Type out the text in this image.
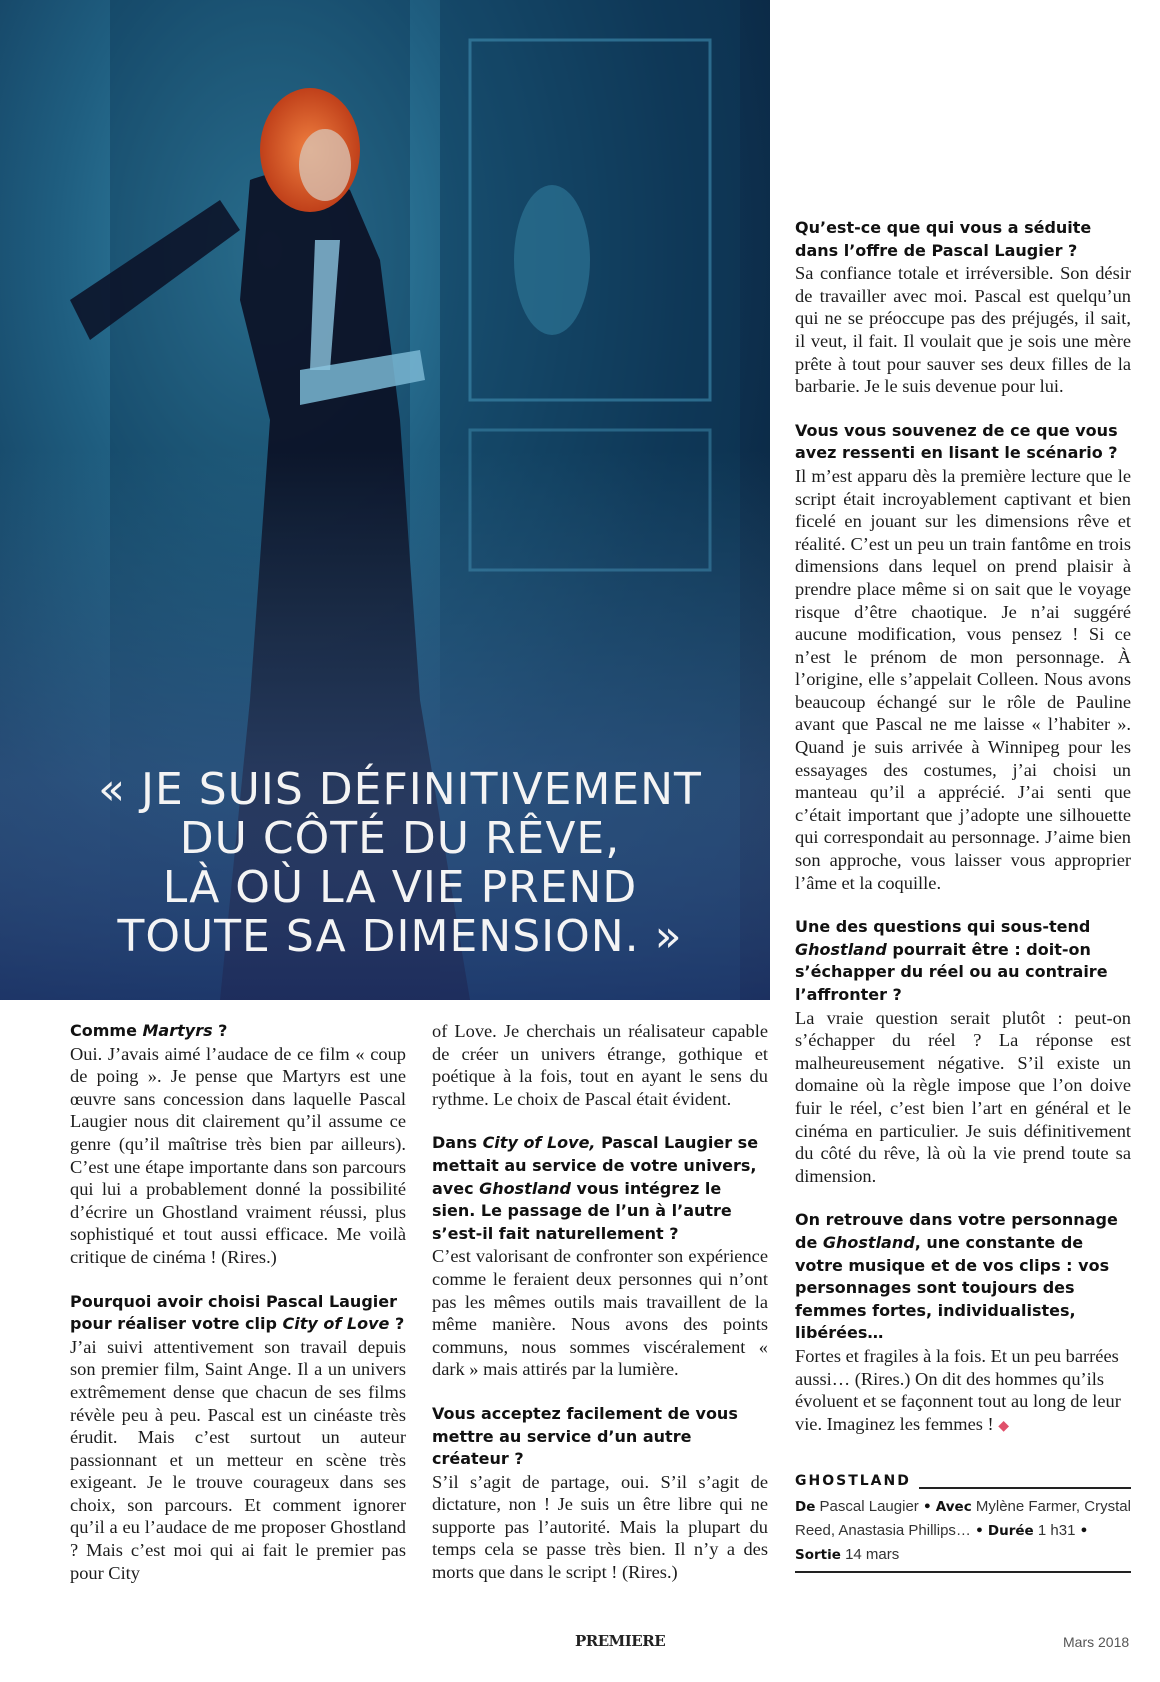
« JE SUIS DÉFINITIVEMENT
DU CÔTÉ DU RÊVE,
LÀ OÙ LA VIE PREND
TOUTE SA DIMENSION. »

Comme Martyrs ?

Oui. J’avais aimé l’audace de ce film « coup de poing ». Je pense que Martyrs est une œuvre sans concession dans laquelle Pascal Laugier nous dit clairement qu’il assume ce genre (qu’il maîtrise très bien par ailleurs). C’est une étape importante dans son parcours qui lui a probablement donné la possibilité d’écrire un Ghostland vraiment réussi, plus sophistiqué et tout aussi efficace. Me voilà critique de cinéma ! (Rires.)

Pourquoi avoir choisi Pascal Laugier pour réaliser votre clip City of Love ?

J’ai suivi attentivement son travail depuis son premier film, Saint Ange. Il a un univers extrêmement dense que chacun de ses films révèle peu à peu. Pascal est un cinéaste très érudit. Mais c’est surtout un auteur passionnant et un metteur en scène très exigeant. Je le trouve courageux dans ses choix, son parcours. Et comment ignorer qu’il a eu l’audace de me proposer Ghostland ? Mais c’est moi qui ai fait le premier pas pour City

of Love. Je cherchais un réalisateur capable de créer un univers étrange, gothique et poétique à la fois, tout en ayant le sens du rythme. Le choix de Pascal était évident.

Dans City of Love, Pascal Laugier se mettait au service de votre univers, avec Ghostland vous intégrez le sien. Le passage de l’un à l’autre s’est-il fait naturellement ?

C’est valorisant de confronter son expérience comme le feraient deux personnes qui n’ont pas les mêmes outils mais travaillent de la même manière. Nous avons des points communs, nous sommes viscéralement « dark » mais attirés par la lumière.

Vous acceptez facilement de vous mettre au service d’un autre créateur ?

S’il s’agit de partage, oui. S’il s’agit de dictature, non ! Je suis un être libre qui ne supporte pas l’autorité. Mais la plupart du temps cela se passe très bien. Il n’y a des morts que dans le script ! (Rires.)

Qu’est-ce que qui vous a séduite dans l’offre de Pascal Laugier ?

Sa confiance totale et irréversible. Son désir de travailler avec moi. Pascal est quelqu’un qui ne se préoccupe pas des préjugés, il sait, il veut, il fait. Il voulait que je sois une mère prête à tout pour sauver ses deux filles de la barbarie. Je le suis devenue pour lui.

Vous vous souvenez de ce que vous avez ressenti en lisant le scénario ?

Il m’est apparu dès la première lecture que le script était incroyablement captivant et bien ficelé en jouant sur les dimensions rêve et réalité. C’est un peu un train fantôme en trois dimensions dans lequel on prend plaisir à prendre place même si on sait que le voyage risque d’être chaotique. Je n’ai suggéré aucune modification, vous pensez ! Si ce n’est le prénom de mon personnage. À l’origine, elle s’appelait Colleen. Nous avons beaucoup échangé sur le rôle de Pauline avant que Pascal ne me laisse « l’habiter ». Quand je suis arrivée à Winnipeg pour les essayages des costumes, j’ai choisi un manteau qu’il a apprécié. J’ai senti que c’était important que j’adopte une silhouette qui correspondait au personnage. J’aime bien son approche, vous laisser vous approprier l’âme et la coquille.

Une des questions qui sous-tend Ghostland pourrait être : doit-on s’échapper du réel ou au contraire l’affronter ?

La vraie question serait plutôt : peut-on s’échapper du réel ? La réponse est malheureusement négative. S’il existe un domaine où la règle impose que l’on doive fuir le réel, c’est bien l’art en général et le cinéma en particulier. Je suis définitivement du côté du rêve, là où la vie prend toute sa dimension.

On retrouve dans votre personnage de Ghostland, une constante de votre musique et de vos clips : vos personnages sont toujours des femmes fortes, individualistes, libérées…

Fortes et fragiles à la fois. Et un peu barrées aussi… (Rires.) On dit des hommes qu’ils évoluent et se façonnent tout au long de leur vie. Imaginez les femmes ! ◆

GHOSTLAND
De Pascal Laugier • Avec Mylène Farmer, Crystal Reed, Anastasia Phillips… • Durée 1 h31 • Sortie 14 mars
PREMIERE	Mars 2018
